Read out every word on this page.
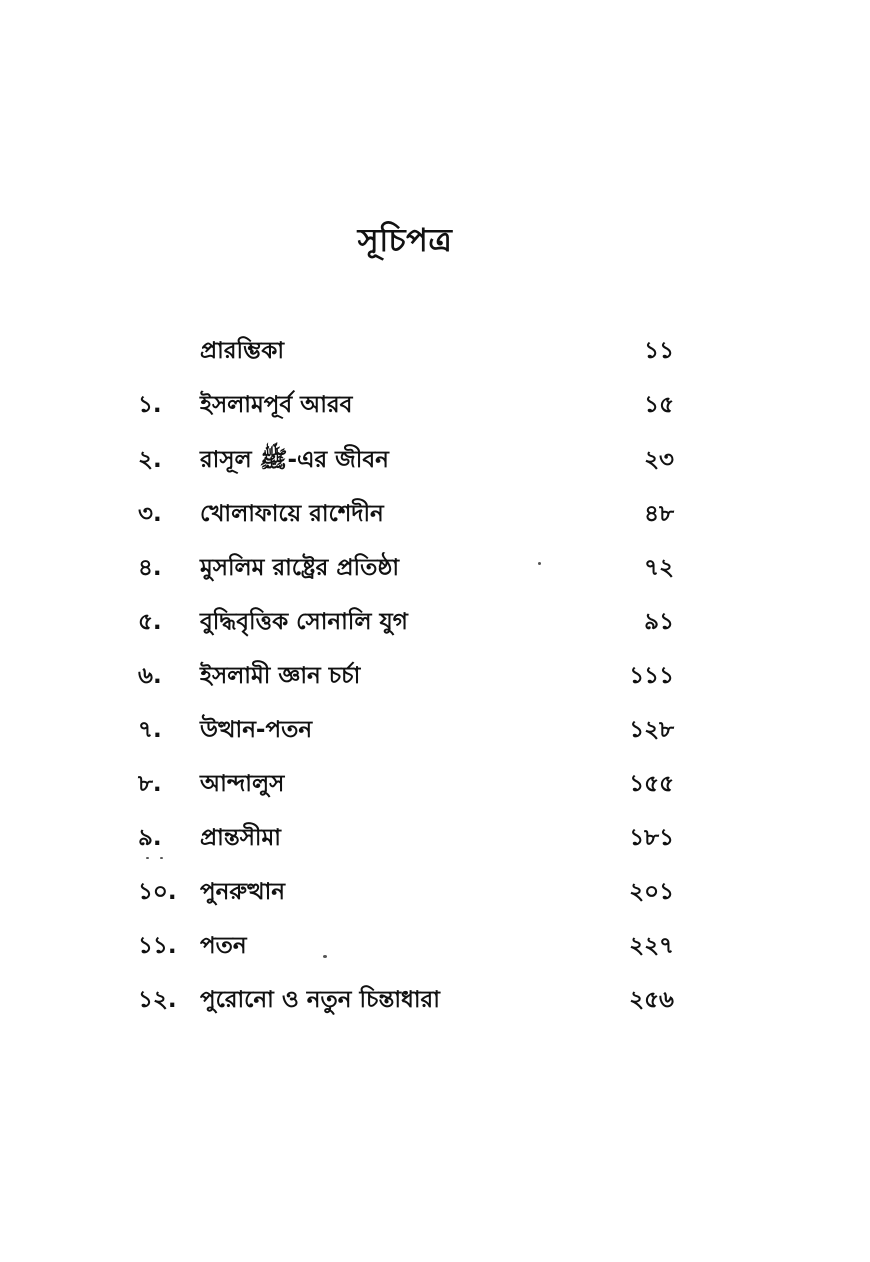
সূচিপত্র
প্রারম্ভিকা	১১
১. ইসলামপূর্ব আরব	১৫
২. রাসূল ﷺ-এর জীবন	২৩
৩. খোলাফায়ে রাশেদীন	৪৮
৪. মুসলিম রাষ্ট্রের প্রতিষ্ঠা	৭২
৫. বুদ্ধিবৃত্তিক সোনালি যুগ	৯১
৬. ইসলামী জ্ঞান চর্চা	১১১
৭. উত্থান-পতন	১২৮
৮. আন্দালুস	১৫৫
৯. প্রান্তসীমা	১৮১
১০. পুনরুত্থান	২০১
১১. পতন	২২৭
১২. পুরোনো ও নতুন চিন্তাধারা	২৫৬
